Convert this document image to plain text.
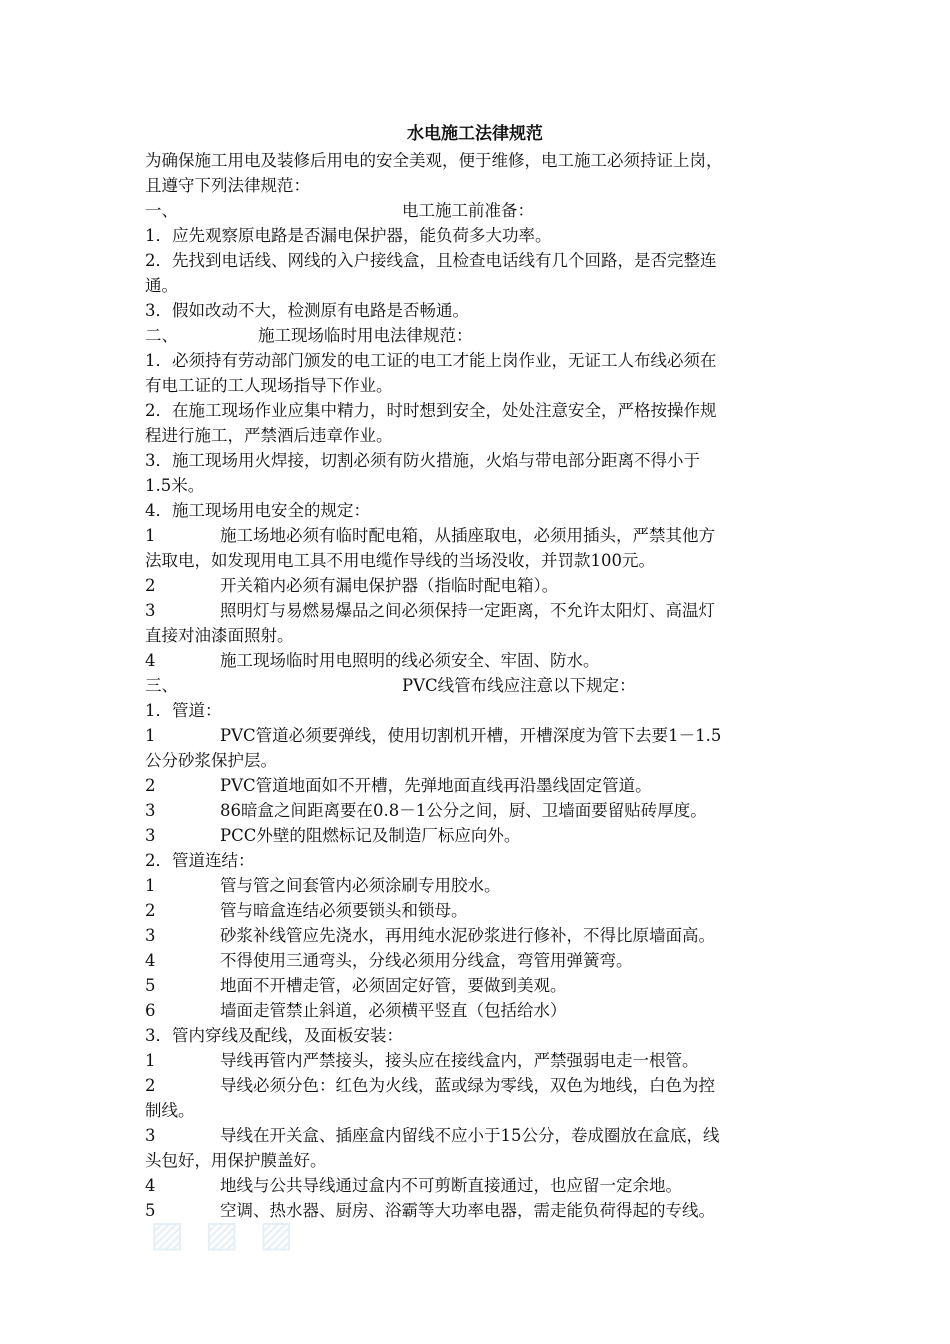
水电施工法律规范
为确保施工用电及装修后用电的安全美观，便于维修，电工施工必须持证上岗，
且遵守下列法律规范：
一、	电工施工前准备：
1．应先观察原电路是否漏电保护器，能负荷多大功率。
2．先找到电话线、网线的入户接线盒，且检查电话线有几个回路，是否完整连
通。
3．假如改动不大，检测原有电路是否畅通。
二、	施工现场临时用电法律规范：
1．必须持有劳动部门颁发的电工证的电工才能上岗作业，无证工人布线必须在
有电工证的工人现场指导下作业。
2．在施工现场作业应集中精力，时时想到安全，处处注意安全，严格按操作规
程进行施工，严禁酒后违章作业。
3．施工现场用火焊接，切割必须有防火措施，火焰与带电部分距离不得小于
1.5米。
4．施工现场用电安全的规定：
1	施工场地必须有临时配电箱，从插座取电，必须用插头，严禁其他方
法取电，如发现用电工具不用电缆作导线的当场没收，并罚款100元。
2	开关箱内必须有漏电保护器（指临时配电箱）。
3	照明灯与易燃易爆品之间必须保持一定距离，不允许太阳灯、高温灯
直接对油漆面照射。
4	施工现场临时用电照明的线必须安全、牢固、防水。
三、	PVC线管布线应注意以下规定：
1．管道：
1	PVC管道必须要弹线，使用切割机开槽，开槽深度为管下去要1－1.5
公分砂浆保护层。
2	PVC管道地面如不开槽，先弹地面直线再沿墨线固定管道。
3	86暗盒之间距离要在0.8－1公分之间，厨、卫墙面要留贴砖厚度。
3	PCC外壁的阻燃标记及制造厂标应向外。
2．管道连结：
1	管与管之间套管内必须涂刷专用胶水。
2	管与暗盒连结必须要锁头和锁母。
3	砂浆补线管应先浇水，再用纯水泥砂浆进行修补，不得比原墙面高。
4	不得使用三通弯头，分线必须用分线盒，弯管用弹簧弯。
5	地面不开槽走管，必须固定好管，要做到美观。
6	墙面走管禁止斜道，必须横平竖直（包括给水）
3．管内穿线及配线，及面板安装：
1	导线再管内严禁接头，接头应在接线盒内，严禁强弱电走一根管。
2	导线必须分色：红色为火线，蓝或绿为零线，双色为地线，白色为控
制线。
3	导线在开关盒、插座盒内留线不应小于15公分，卷成圈放在盒底，线
头包好，用保护膜盖好。
4	地线与公共导线通过盒内不可剪断直接通过，也应留一定余地。
5	空调、热水器、厨房、浴霸等大功率电器，需走能负荷得起的专线。
▨ ▨ ▨
